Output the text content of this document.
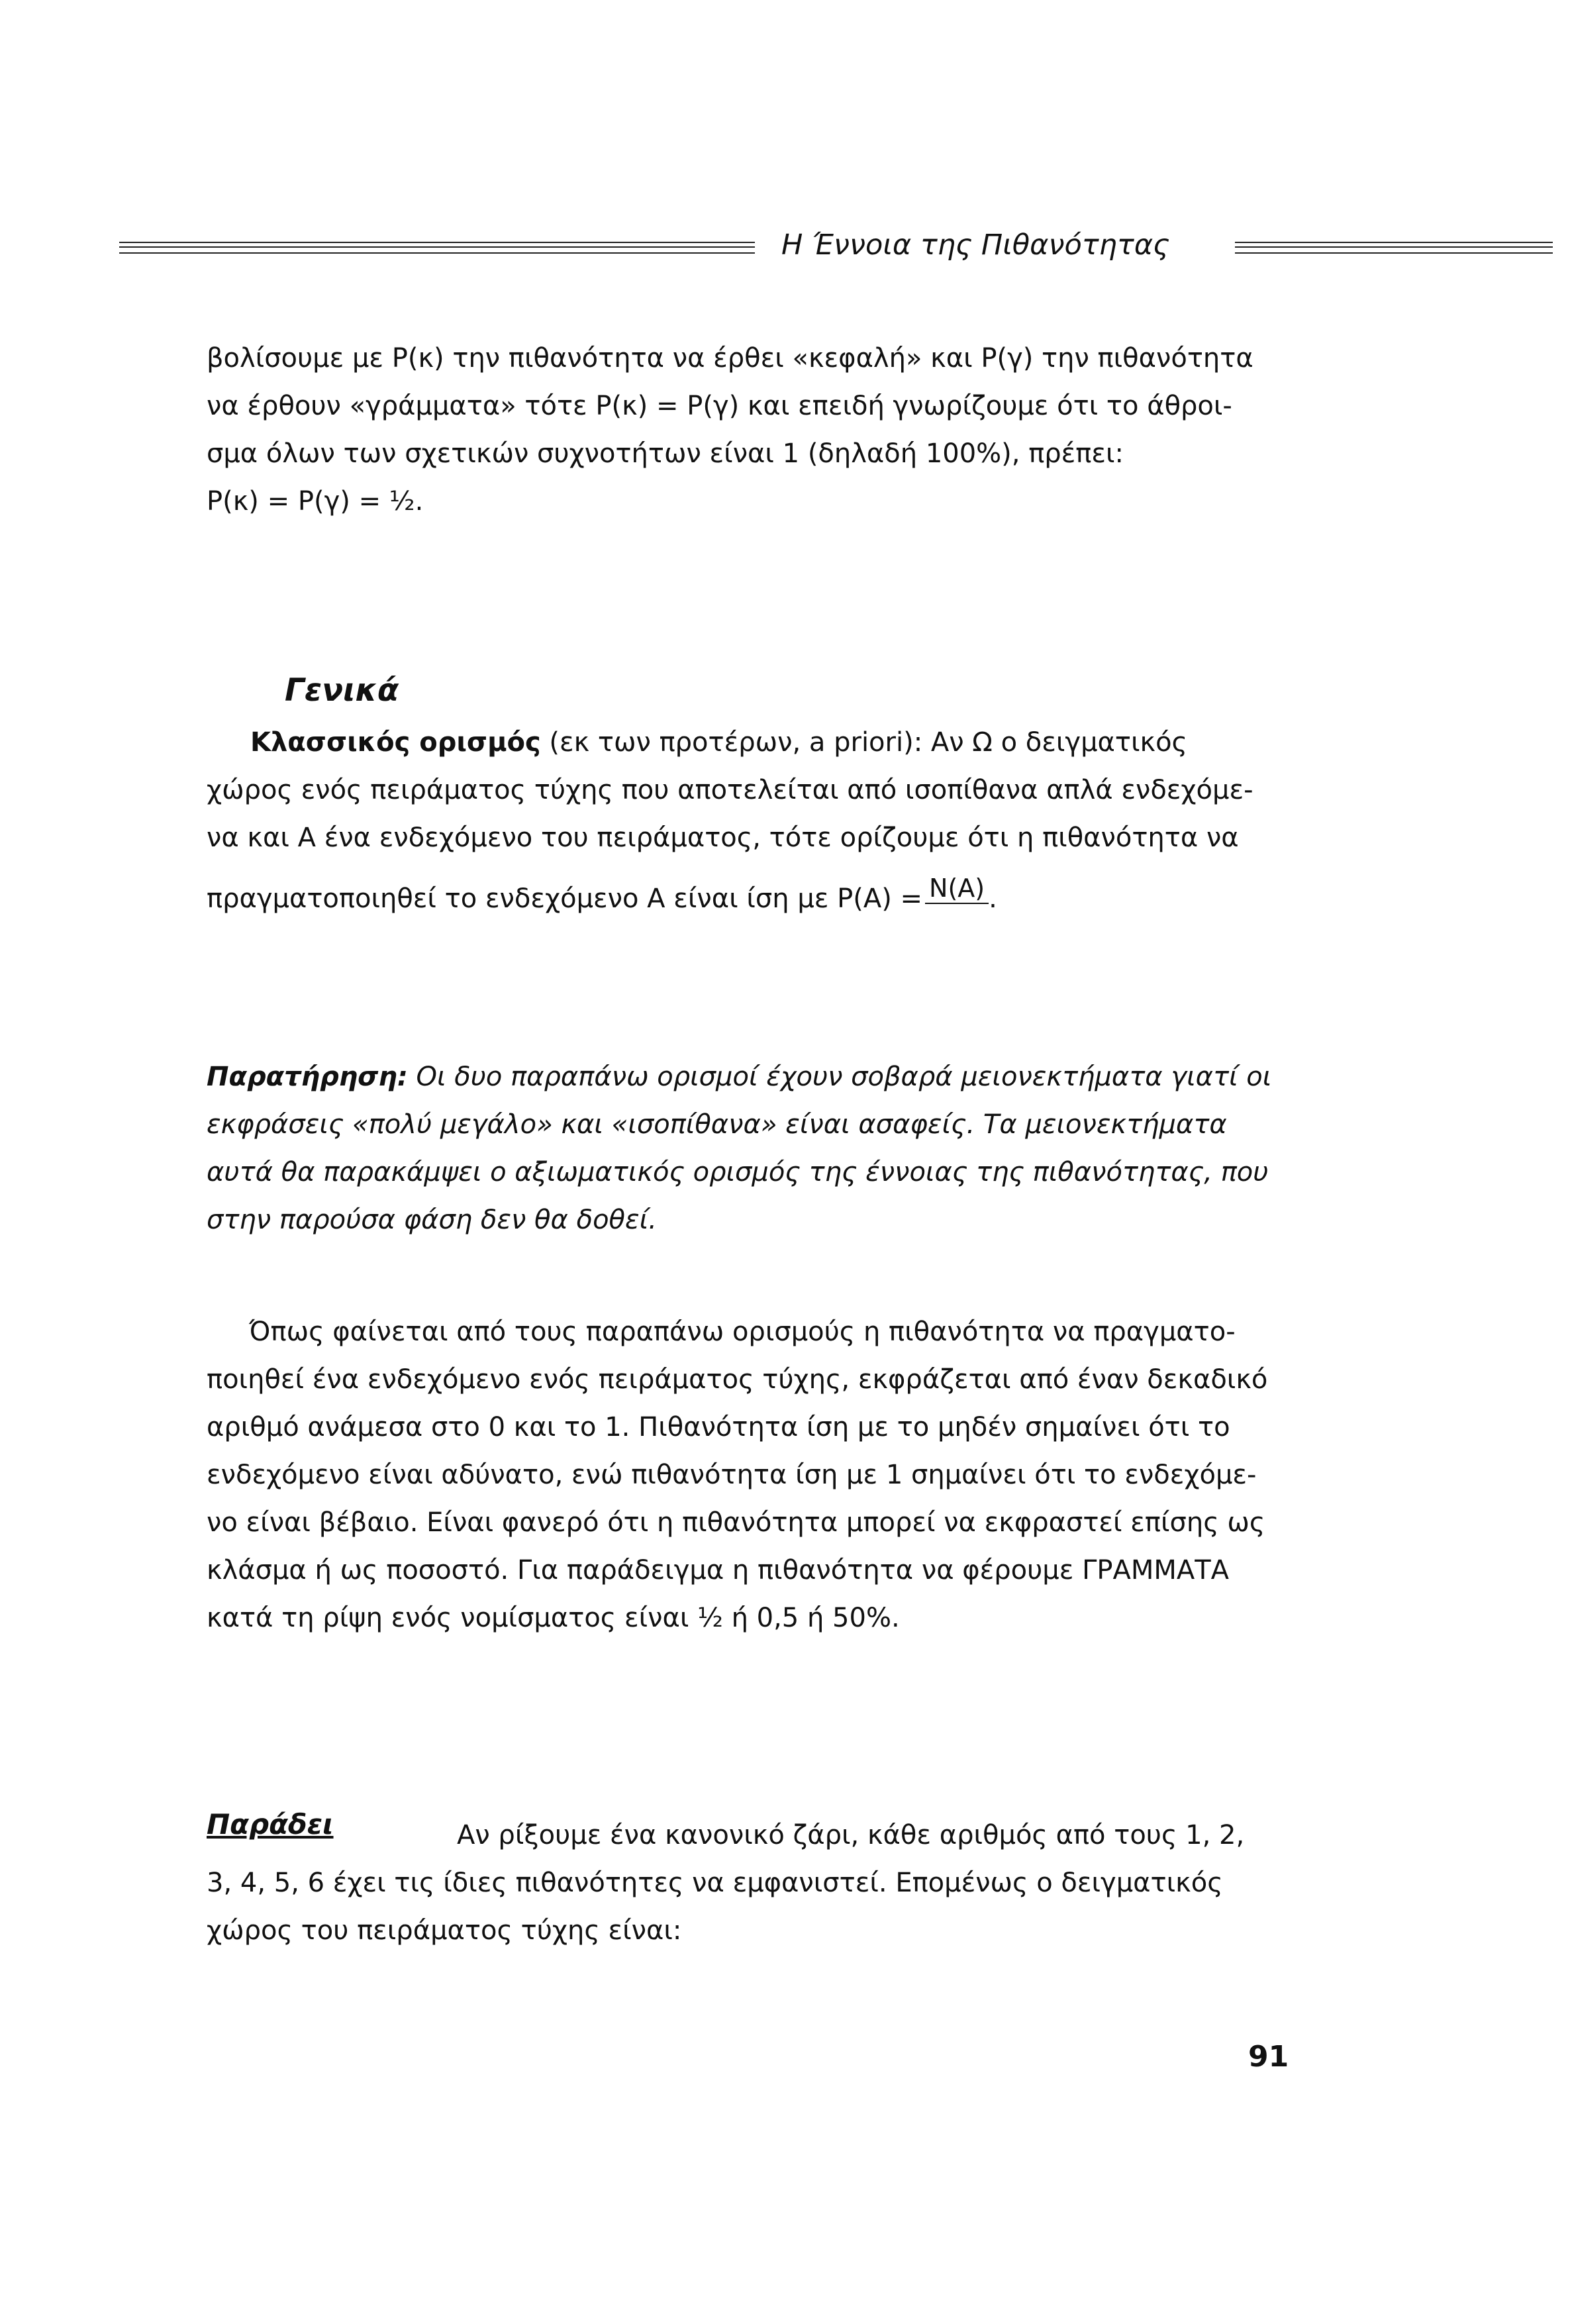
Η Έννοια της Πιθανότητας
βολίσουμε με Ρ(κ) την πιθανότητα να έρθει «κεφαλή» και Ρ(γ) την πιθανότητα
να έρθουν «γράμματα» τότε Ρ(κ) = Ρ(γ) και επειδή γνωρίζουμε ότι το άθροι-
σμα όλων των σχετικών συχνοτήτων είναι 1 (δηλαδή 100%), πρέπει:
Ρ(κ) = Ρ(γ) = ½.
Γενικά
Κλασσικός ορισμός (εκ των προτέρων, a priori): Αν Ω ο δειγματικός
χώρος ενός πειράματος τύχης που αποτελείται από ισοπίθανα απλά ενδεχόμε-
να και Α ένα ενδεχόμενο του πειράματος, τότε ορίζουμε ότι η πιθανότητα να
πραγματοποιηθεί το ενδεχόμενο Α είναι ίση με Ρ(Α) = N(A) .
Παρατήρηση: Οι δυο παραπάνω ορισμοί έχουν σοβαρά μειονεκτήματα γιατί οι
εκφράσεις «πολύ μεγάλο» και «ισοπίθανα» είναι ασαφείς. Τα μειονεκτήματα
αυτά θα παρακάμψει ο αξιωματικός ορισμός της έννοιας της πιθανότητας, που
στην παρούσα φάση δεν θα δοθεί.
Όπως φαίνεται από τους παραπάνω ορισμούς η πιθανότητα να πραγματο-
ποιηθεί ένα ενδεχόμενο ενός πειράματος τύχης, εκφράζεται από έναν δεκαδικό
αριθμό ανάμεσα στο 0 και το 1. Πιθανότητα ίση με το μηδέν σημαίνει ότι το
ενδεχόμενο είναι αδύνατο, ενώ πιθανότητα ίση με 1 σημαίνει ότι το ενδεχόμε-
νο είναι βέβαιο. Είναι φανερό ότι η πιθανότητα μπορεί να εκφραστεί επίσης ως
κλάσμα ή ως ποσοστό. Για παράδειγμα η πιθανότητα να φέρουμε ΓΡΑΜΜΑΤΑ
κατά τη ρίψη ενός νομίσματος είναι ½ ή 0,5 ή 50%.
Παράδει	Αν ρίξουμε ένα κανονικό ζάρι, κάθε αριθμός από τους 1, 2,
3, 4, 5, 6 έχει τις ίδιες πιθανότητες να εμφανιστεί. Επομένως ο δειγματικός
χώρος του πειράματος τύχης είναι:
91
